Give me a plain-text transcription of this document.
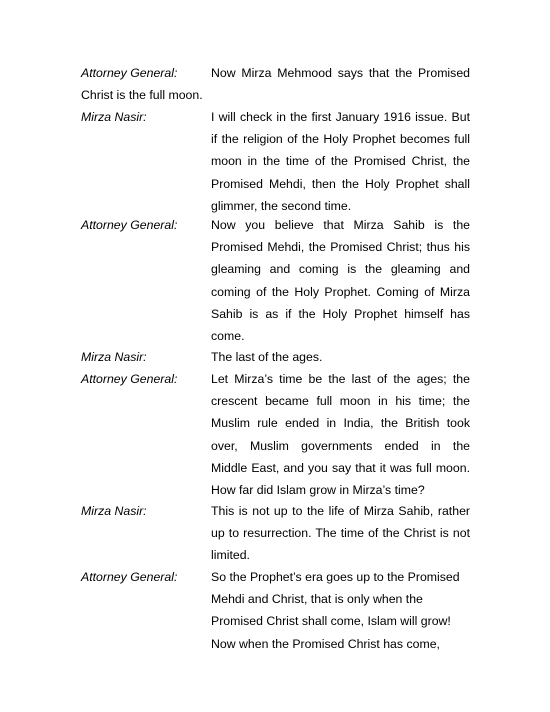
Attorney General:	Now Mirza Mehmood says that the Promised
Christ is the full moon.
Mirza Nasir:	I will check in the first January 1916 issue. But
if the religion of the Holy Prophet becomes full
moon in the time of the Promised Christ, the
Promised Mehdi, then the Holy Prophet shall
glimmer, the second time.
Attorney General:	Now you believe that Mirza Sahib is the
Promised Mehdi, the Promised Christ; thus his
gleaming and coming is the gleaming and
coming of the Holy Prophet. Coming of Mirza
Sahib is as if the Holy Prophet himself has
come.
Mirza Nasir:	The last of the ages.
Attorney General:	Let Mirza’s time be the last of the ages; the
crescent became full moon in his time; the
Muslim rule ended in India, the British took
over, Muslim governments ended in the
Middle East, and you say that it was full moon.
How far did Islam grow in Mirza’s time?
Mirza Nasir:	This is not up to the life of Mirza Sahib, rather
up to resurrection. The time of the Christ is not
limited.
Attorney General:	So the Prophet’s era goes up to the Promised
Mehdi and Christ, that is only when the
Promised Christ shall come, Islam will grow!
Now when the Promised Christ has come,
